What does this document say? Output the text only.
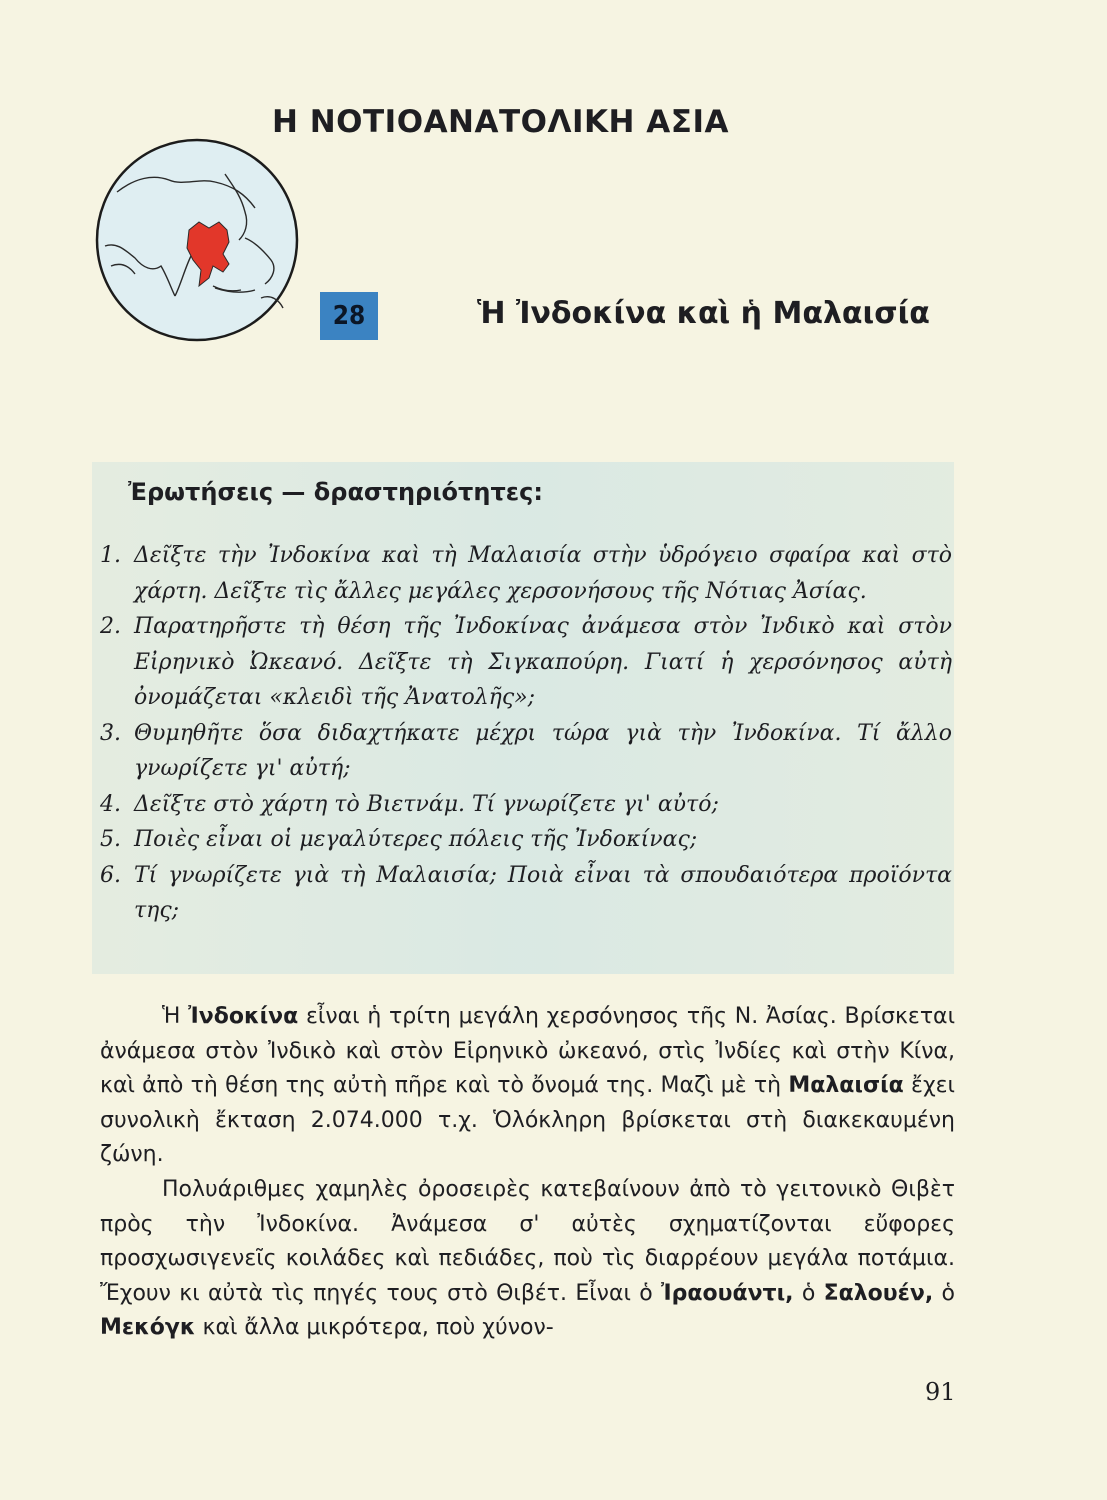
Η ΝΟΤΙΟΑΝΑΤΟΛΙΚΗ ΑΣΙΑ
28	Ἡ Ἰνδοκίνα καὶ ἡ Μαλαισία
Ἐρωτήσεις — δραστηριότητες:
1. Δεῖξτε τὴν Ἰνδοκίνα καὶ τὴ Μαλαισία στὴν ὑδρόγειο σφαίρα καὶ στὸ χάρτη. Δεῖξτε τὶς ἄλλες μεγάλες χερσονήσους τῆς Νότιας Ἀσίας.
2. Παρατηρῆστε τὴ θέση τῆς Ἰνδοκίνας ἀνάμεσα στὸν Ἰνδικὸ καὶ στὸν Εἰρηνικὸ Ὠκεανό. Δεῖξτε τὴ Σιγκαπούρη. Γιατί ἡ χερσόνησος αὐτὴ ὀνομάζεται «κλειδὶ τῆς Ἀνατολῆς»;
3. Θυμηθῆτε ὅσα διδαχτήκατε μέχρι τώρα γιὰ τὴν Ἰνδοκίνα. Τί ἄλλο γνωρίζετε γι' αὐτή;
4. Δεῖξτε στὸ χάρτη τὸ Βιετνάμ. Τί γνωρίζετε γι' αὐτό;
5. Ποιὲς εἶναι οἱ μεγαλύτερες πόλεις τῆς Ἰνδοκίνας;
6. Τί γνωρίζετε γιὰ τὴ Μαλαισία; Ποιὰ εἶναι τὰ σπουδαιότερα προϊόντα της;

Ἡ Ἰνδοκίνα εἶναι ἡ τρίτη μεγάλη χερσόνησος τῆς Ν. Ἀσίας. Βρίσκεται ἀνάμεσα στὸν Ἰνδικὸ καὶ στὸν Εἰρηνικὸ ὠκεανό, στὶς Ἰνδίες καὶ στὴν Κίνα, καὶ ἀπὸ τὴ θέση της αὐτὴ πῆρε καὶ τὸ ὄνομά της. Μαζὶ μὲ τὴ Μαλαισία ἔχει συνολικὴ ἔκταση 2.074.000 τ.χ. Ὁλόκληρη βρίσκεται στὴ διακεκαυμένη ζώνη.

Πολυάριθμες χαμηλὲς ὀροσειρὲς κατεβαίνουν ἀπὸ τὸ γειτονικὸ Θιβὲτ πρὸς τὴν Ἰνδοκίνα. Ἀνάμεσα σ' αὐτὲς σχηματίζονται εὔφορες προσχωσιγενεῖς κοιλάδες καὶ πεδιάδες, ποὺ τὶς διαρρέουν μεγάλα ποτάμια. Ἔχουν κι αὐτὰ τὶς πηγές τους στὸ Θιβέτ. Εἶναι ὁ Ἰραουάντι, ὁ Σαλουέν, ὁ Μεκόγκ καὶ ἄλλα μικρότερα, ποὺ χύνον-

91
